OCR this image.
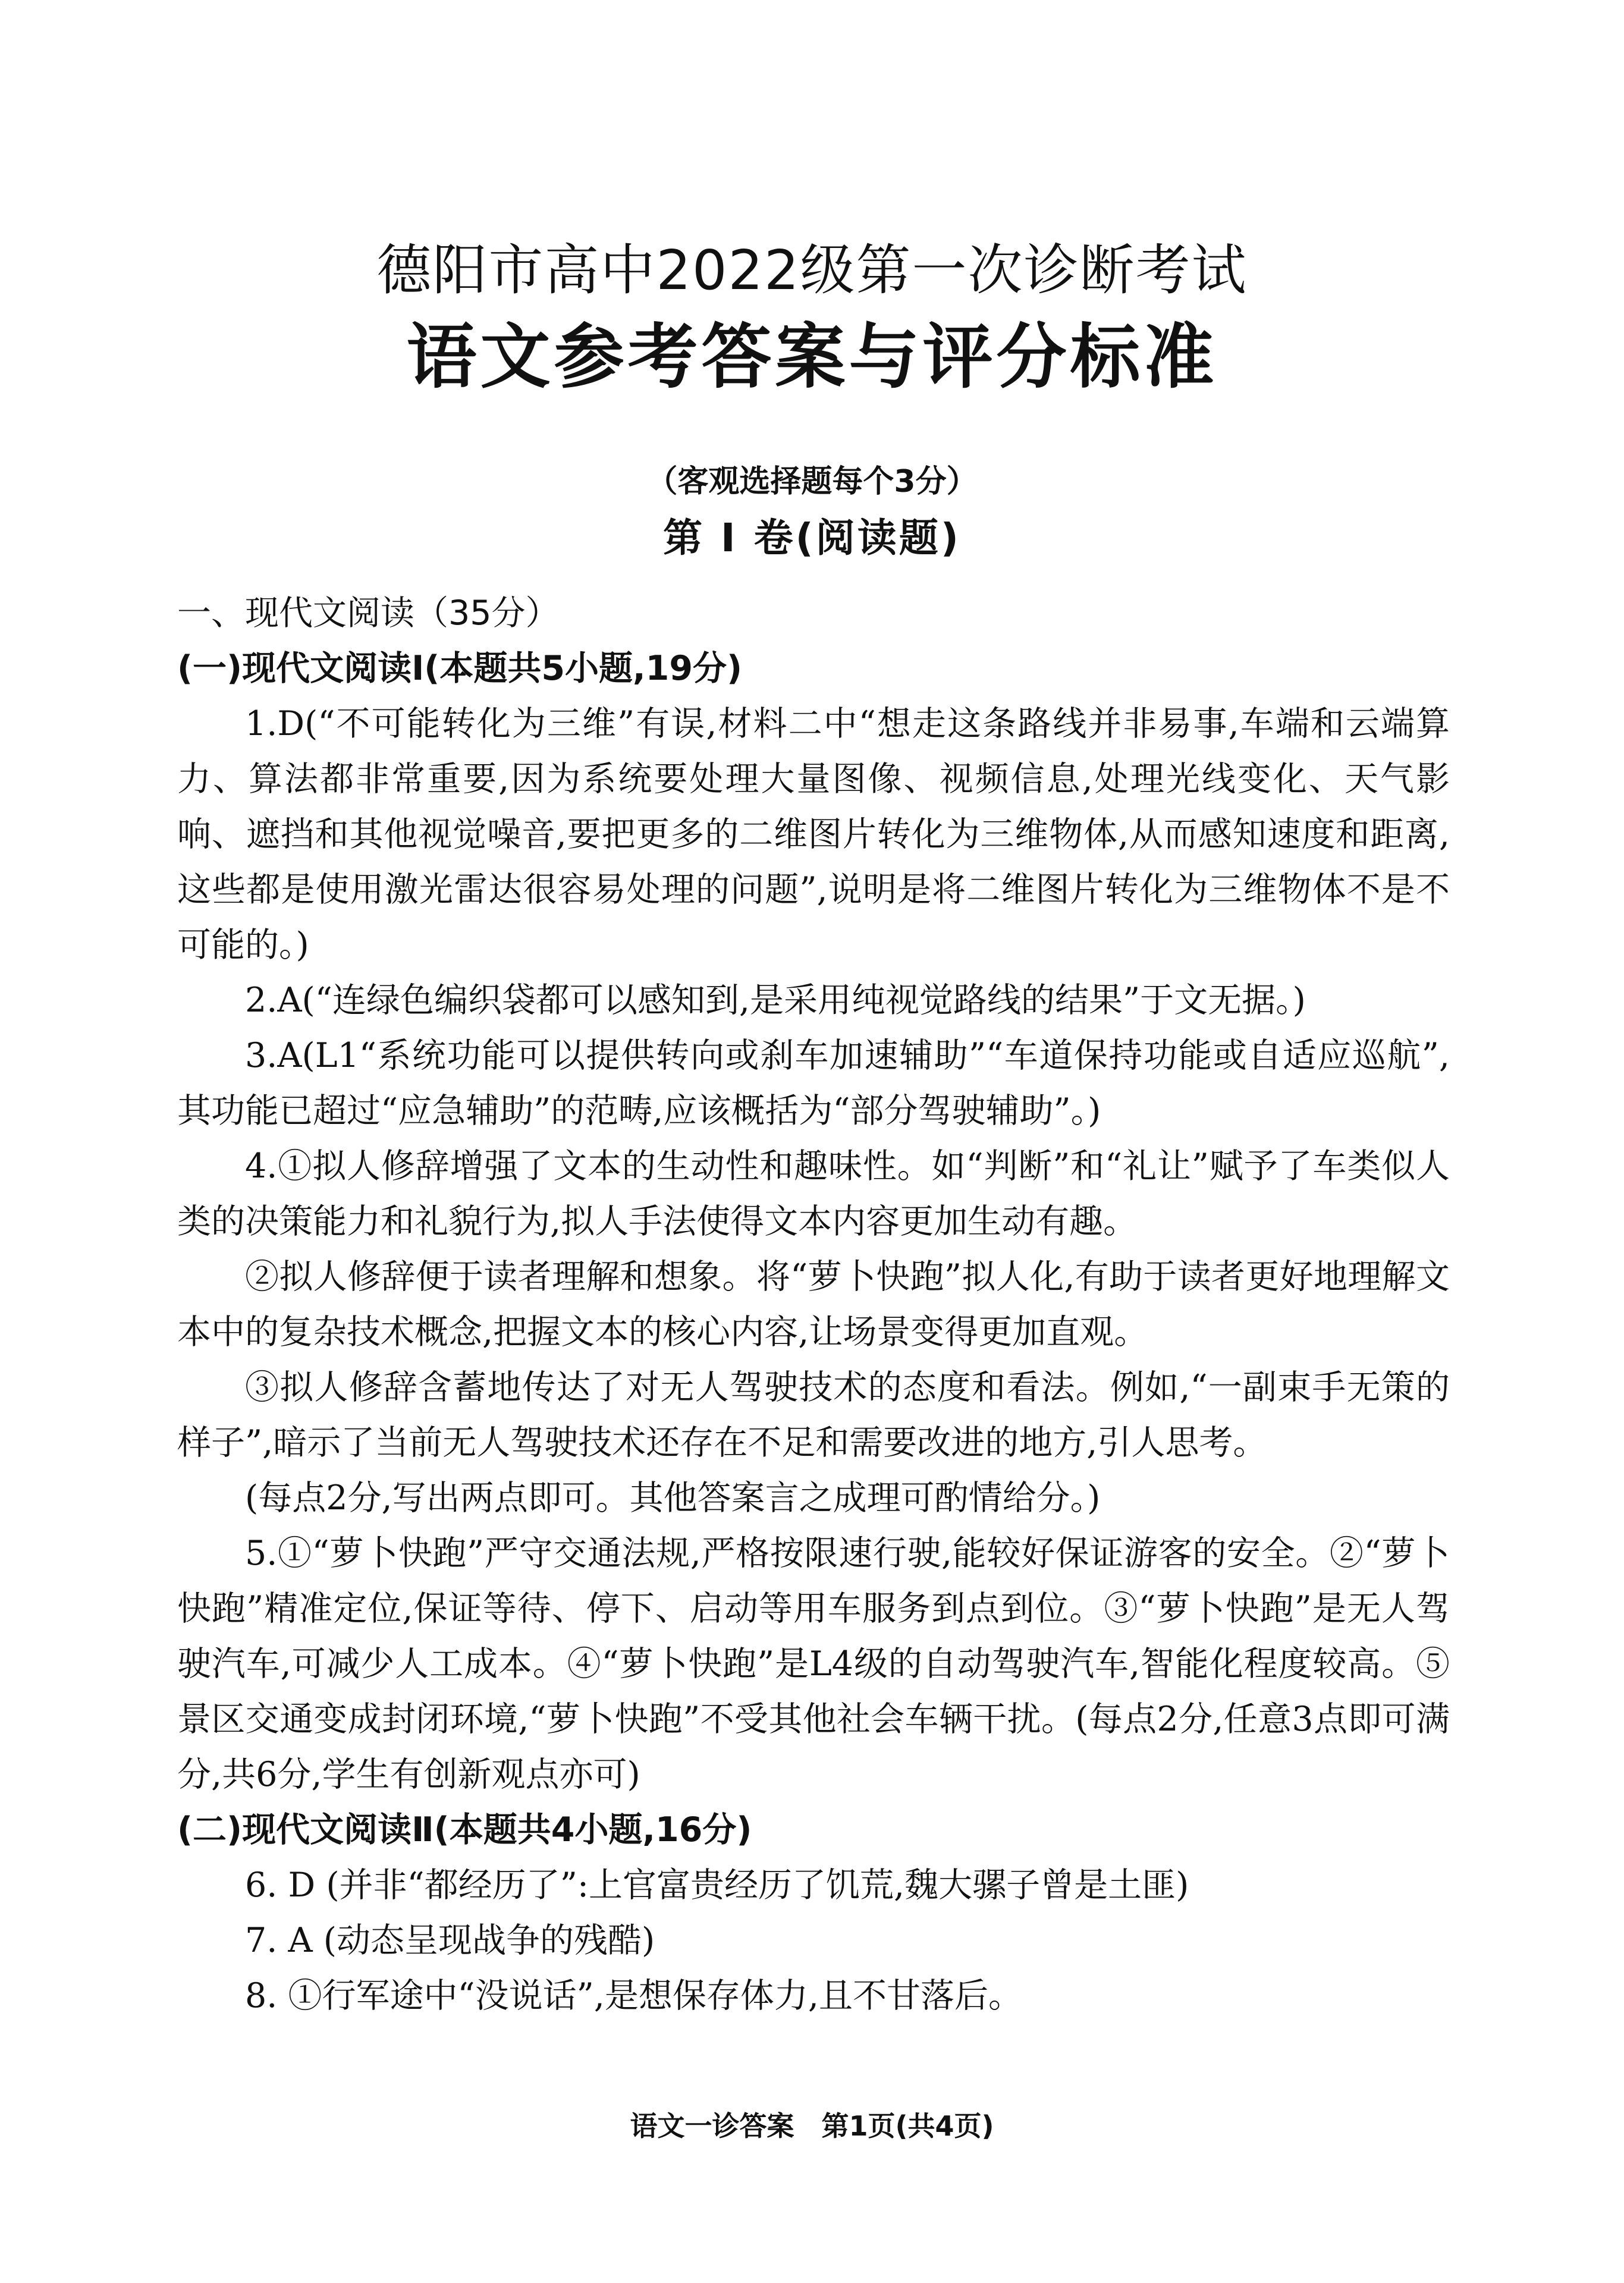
德阳市高中2022级第一次诊断考试
语文参考答案与评分标准
（客观选择题每个3分）
第 Ⅰ 卷(阅读题)

一、现代文阅读（35分）

(一)现代文阅读Ⅰ(本题共5小题,19分)

1.D(“不可能转化为三维”有误,材料二中“想走这条路线并非易事,车端和云端算力、算法都非常重要,因为系统要处理大量图像、视频信息,处理光线变化、天气影响、遮挡和其他视觉噪音,要把更多的二维图片转化为三维物体,从而感知速度和距离,这些都是使用激光雷达很容易处理的问题”,说明是将二维图片转化为三维物体不是不可能的。)

2.A(“连绿色编织袋都可以感知到,是采用纯视觉路线的结果”于文无据。)

3.A(L1“系统功能可以提供转向或刹车加速辅助”“车道保持功能或自适应巡航”,其功能已超过“应急辅助”的范畴,应该概括为“部分驾驶辅助”。)

4.①拟人修辞增强了文本的生动性和趣味性。如“判断”和“礼让”赋予了车类似人类的决策能力和礼貌行为,拟人手法使得文本内容更加生动有趣。

②拟人修辞便于读者理解和想象。将“萝卜快跑”拟人化,有助于读者更好地理解文本中的复杂技术概念,把握文本的核心内容,让场景变得更加直观。

③拟人修辞含蓄地传达了对无人驾驶技术的态度和看法。例如,“一副束手无策的样子”,暗示了当前无人驾驶技术还存在不足和需要改进的地方,引人思考。

(每点2分,写出两点即可。其他答案言之成理可酌情给分。)

5.①“萝卜快跑”严守交通法规,严格按限速行驶,能较好保证游客的安全。②“萝卜快跑”精准定位,保证等待、停下、启动等用车服务到点到位。③“萝卜快跑”是无人驾驶汽车,可减少人工成本。④“萝卜快跑”是L4级的自动驾驶汽车,智能化程度较高。⑤景区交通变成封闭环境,“萝卜快跑”不受其他社会车辆干扰。(每点2分,任意3点即可满分,共6分,学生有创新观点亦可)

(二)现代文阅读Ⅱ(本题共4小题,16分)

6. D (并非“都经历了”:上官富贵经历了饥荒,魏大骡子曾是土匪)

7. A (动态呈现战争的残酷)

8. ①行军途中“没说话”,是想保存体力,且不甘落后。

语文一诊答案　第1页(共4页)
